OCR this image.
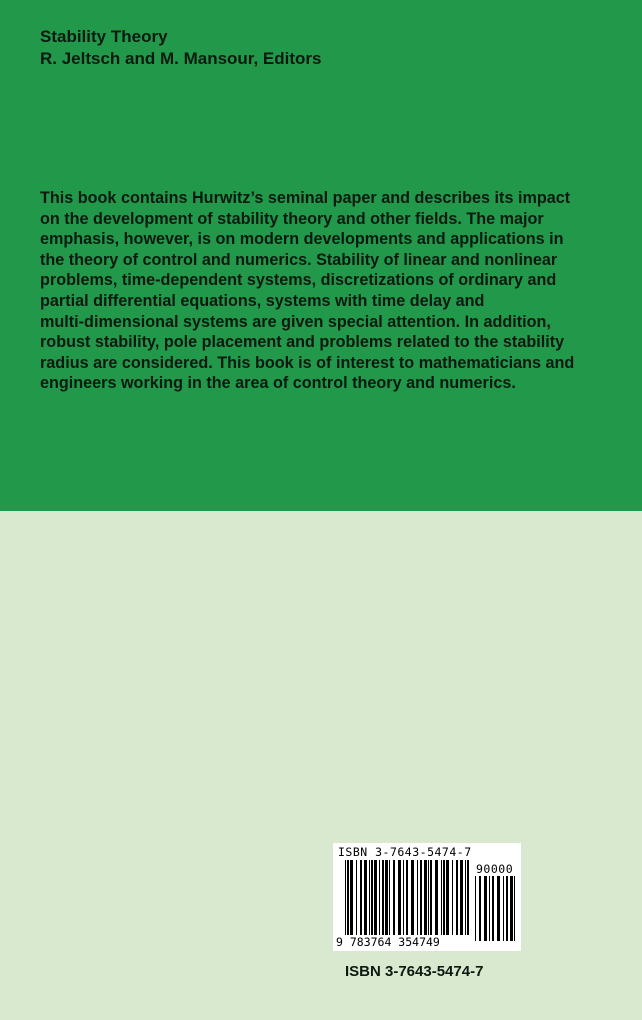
Stability Theory
R. Jeltsch and M. Mansour, Editors
This book contains Hurwitz’s seminal paper and describes its impact
on the development of stability theory and other fields. The major
emphasis, however, is on modern developments and applications in
the theory of control and numerics. Stability of linear and nonlinear
problems, time-dependent systems, discretizations of ordinary and
partial differential equations, systems with time delay and
multi-dimensional systems are given special attention. In addition,
robust stability, pole placement and problems related to the stability
radius are considered. This book is of interest to mathematicians and
engineers working in the area of control theory and numerics.
ISBN 3-7643-5474-7
90000
9 783764 354749
ISBN 3-7643-5474-7
